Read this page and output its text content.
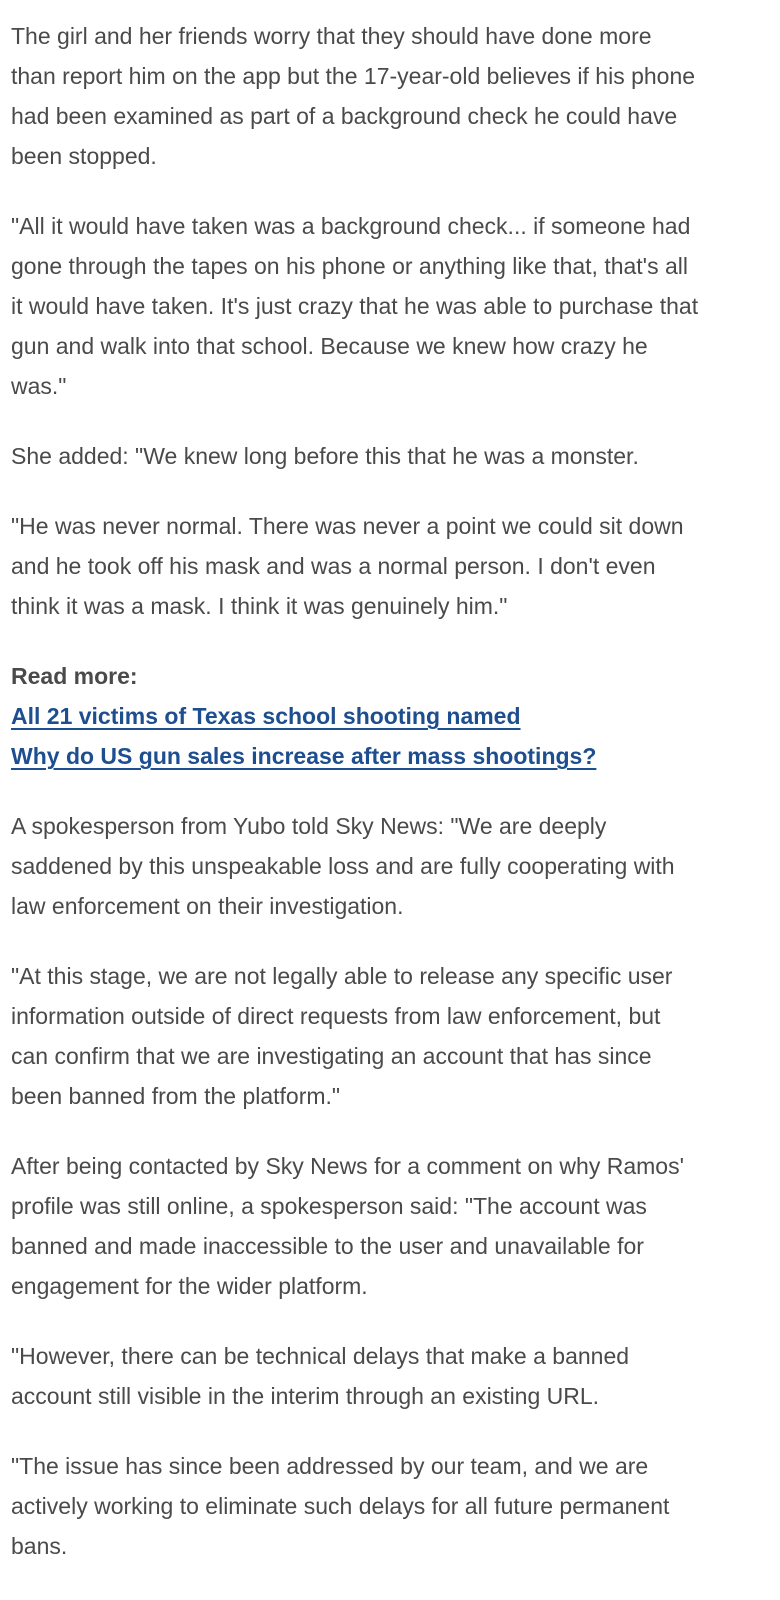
The girl and her friends worry that they should have done more than report him on the app but the 17-year-old believes if his phone had been examined as part of a background check he could have been stopped.

"All it would have taken was a background check... if someone had gone through the tapes on his phone or anything like that, that's all it would have taken. It's just crazy that he was able to purchase that gun and walk into that school. Because we knew how crazy he was."

She added: "We knew long before this that he was a monster.

"He was never normal. There was never a point we could sit down and he took off his mask and was a normal person. I don't even think it was a mask. I think it was genuinely him."

Read more:
All 21 victims of Texas school shooting named
Why do US gun sales increase after mass shootings?

A spokesperson from Yubo told Sky News: "We are deeply saddened by this unspeakable loss and are fully cooperating with law enforcement on their investigation.

"At this stage, we are not legally able to release any specific user information outside of direct requests from law enforcement, but can confirm that we are investigating an account that has since been banned from the platform."

After being contacted by Sky News for a comment on why Ramos' profile was still online, a spokesperson said: "The account was banned and made inaccessible to the user and unavailable for engagement for the wider platform.

"However, there can be technical delays that make a banned account still visible in the interim through an existing URL.

"The issue has since been addressed by our team, and we are actively working to eliminate such delays for all future permanent bans.
